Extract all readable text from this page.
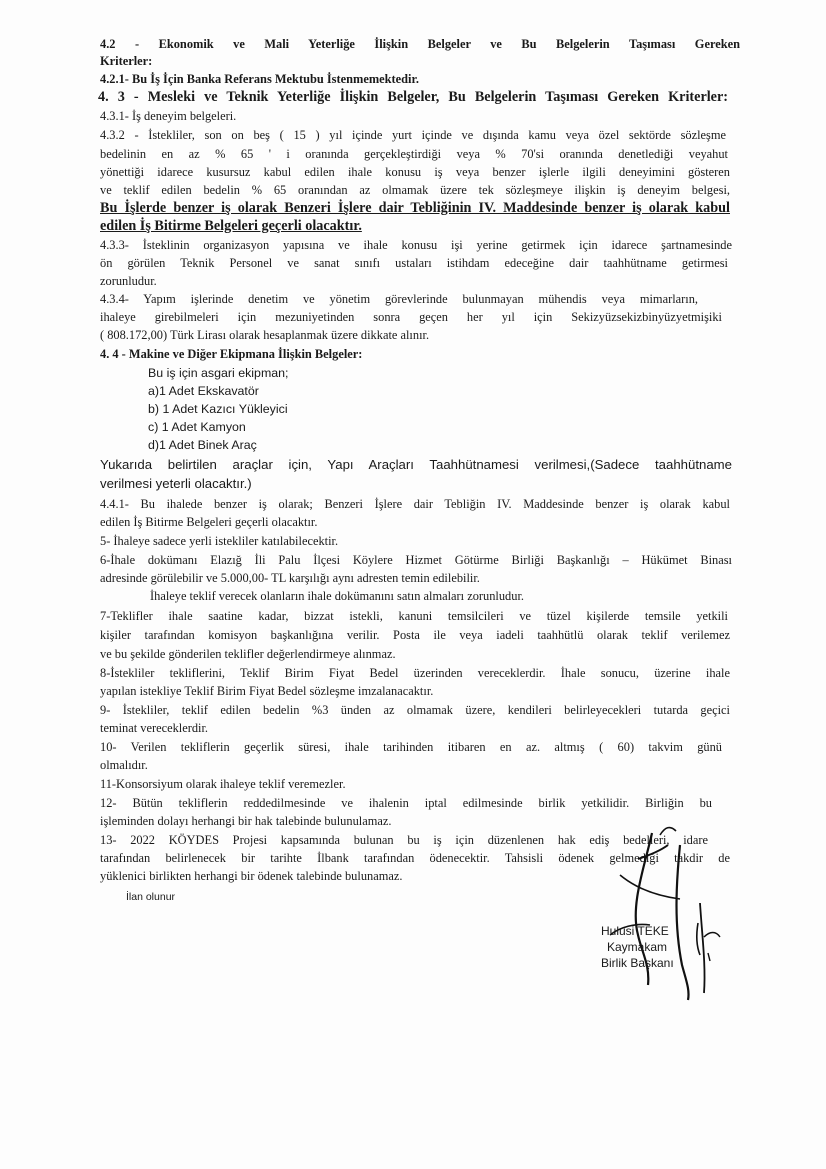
4.2 - Ekonomik ve Mali Yeterliğe İlişkin Belgeler ve Bu Belgelerin Taşıması Gereken
Kriterler:
4.2.1- Bu İş İçin Banka Referans Mektubu İstenmemektedir.
4. 3 - Mesleki ve Teknik Yeterliğe İlişkin Belgeler, Bu Belgelerin Taşıması Gereken Kriterler:
4.3.1- İş deneyim belgeleri.
4.3.2 - İstekliler, son on beş ( 15 ) yıl içinde yurt içinde ve dışında kamu veya özel sektörde sözleşme
bedelinin en az % 65 ' i oranında gerçekleştirdiği veya % 70'si oranında denetlediği veyahut
yönettiği idarece kusursuz kabul edilen ihale konusu iş veya benzer işlerle ilgili deneyimini gösteren
ve teklif edilen bedelin % 65 oranından az olmamak üzere tek sözleşmeye ilişkin iş deneyim belgesi,
Bu İşlerde benzer iş olarak Benzeri İşlere dair Tebliğinin IV. Maddesinde benzer iş olarak kabul
edilen İş Bitirme Belgeleri geçerli olacaktır.
4.3.3- İsteklinin organizasyon yapısına ve ihale konusu işi yerine getirmek için idarece şartnamesinde
ön görülen Teknik Personel ve sanat sınıfı ustaları istihdam edeceğine dair taahhütname getirmesi
zorunludur.
4.3.4- Yapım işlerinde denetim ve yönetim görevlerinde bulunmayan mühendis veya mimarların,
ihaleye girebilmeleri için mezuniyetinden sonra geçen her yıl için Sekizyüzsekizbinyüzyetmişiki
( 808.172,00) Türk Lirası olarak hesaplanmak üzere dikkate alınır.
4. 4 - Makine ve Diğer Ekipmana İlişkin Belgeler:
Bu iş için asgari ekipman;
a)1 Adet Ekskavatör
b) 1 Adet Kazıcı Yükleyici
c) 1 Adet Kamyon
d)1 Adet Binek Araç
Yukarıda belirtilen araçlar için, Yapı Araçları Taahhütnamesi verilmesi,(Sadece taahhütname
verilmesi yeterli olacaktır.)
4.4.1- Bu ihalede benzer iş olarak; Benzeri İşlere dair Tebliğin IV. Maddesinde benzer iş olarak kabul
edilen İş Bitirme Belgeleri geçerli olacaktır.
5- İhaleye sadece yerli istekliler katılabilecektir.
6-İhale dokümanı Elazığ İli Palu İlçesi Köylere Hizmet Götürme Birliği Başkanlığı – Hükümet Binası
adresinde görülebilir ve 5.000,00- TL karşılığı aynı adresten temin edilebilir.
İhaleye teklif verecek olanların ihale dokümanını satın almaları zorunludur.
7-Teklifler ihale saatine kadar, bizzat istekli, kanuni temsilcileri ve tüzel kişilerde temsile yetkili
kişiler tarafından komisyon başkanlığına verilir. Posta ile veya iadeli taahhütlü olarak teklif verilemez
ve bu şekilde gönderilen teklifler değerlendirmeye alınmaz.
8-İstekliler tekliflerini, Teklif Birim Fiyat Bedel üzerinden vereceklerdir. İhale sonucu, üzerine ihale
yapılan istekliye Teklif Birim Fiyat Bedel sözleşme imzalanacaktır.
9- İstekliler, teklif edilen bedelin %3 ünden az olmamak üzere, kendileri belirleyecekleri tutarda geçici
teminat vereceklerdir.
10- Verilen tekliflerin geçerlik süresi, ihale tarihinden itibaren en az. altmış ( 60) takvim günü
olmalıdır.
11-Konsorsiyum olarak ihaleye teklif veremezler.
12- Bütün tekliflerin reddedilmesinde ve ihalenin iptal edilmesinde birlik yetkilidir. Birliğin bu
işleminden dolayı herhangi bir hak talebinde bulunulamaz.
13- 2022 KÖYDES Projesi kapsamında bulunan bu iş için düzenlenen hak ediş bedelleri, idare
tarafından belirlenecek bir tarihte İlbank tarafından ödenecektir. Tahsisli ödenek gelmediği takdir de
yüklenici birlikten herhangi bir ödenek talebinde bulunamaz.
İlan olunur
Hulusi TEKE
Kaymakam
Birlik Başkanı
